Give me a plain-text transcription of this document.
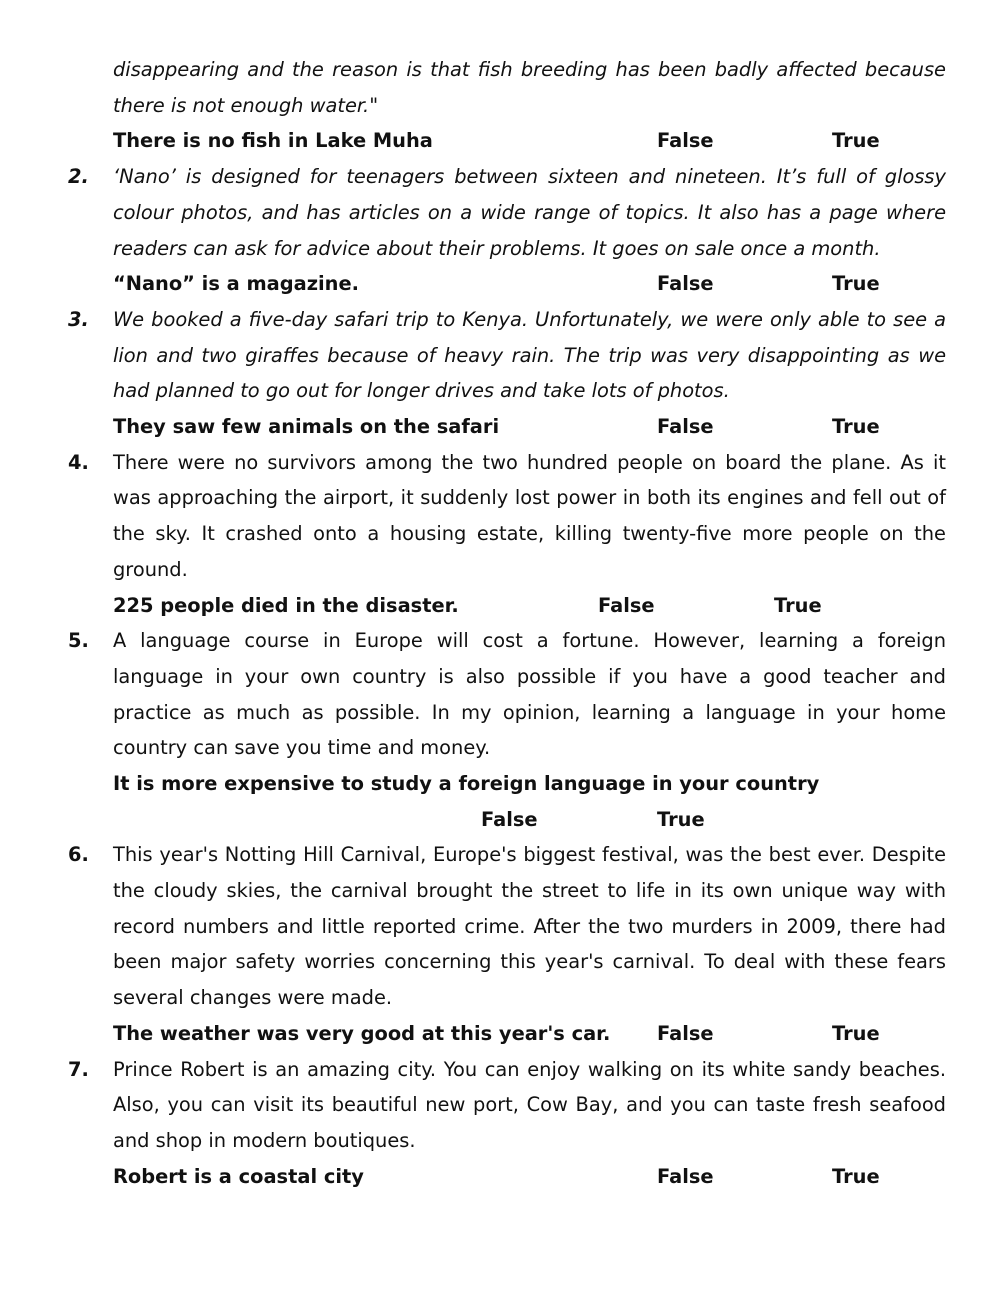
disappearing and the reason is that fish breeding has been badly affected because there is not enough water."
There is no fish in Lake Muha	False	True
2. ‘Nano’ is designed for teenagers between sixteen and nineteen. It’s full of glossy colour photos, and has articles on a wide range of topics. It also has a page where readers can ask for advice about their problems. It goes on sale once a month.
“Nano” is a magazine.	False	True
3. We booked a five-day safari trip to Kenya. Unfortunately, we were only able to see a lion and two giraffes because of heavy rain. The trip was very disappointing as we had planned to go out for longer drives and take lots of photos.
They saw few animals on the safari	False	True
4. There were no survivors among the two hundred people on board the plane. As it was approaching the airport, it suddenly lost power in both its engines and fell out of the sky. It crashed onto a housing estate, killing twenty-five more people on the ground.
225 people died in the disaster.	False	True
5. A language course in Europe will cost a fortune. However, learning a foreign language in your own country is also possible if you have a good teacher and practice as much as possible. In my opinion, learning a language in your home country can save you time and money.
It is more expensive to study a foreign language in your country
False	True
6. This year's Notting Hill Carnival, Europe's biggest festival, was the best ever. Despite the cloudy skies, the carnival brought the street to life in its own unique way with record numbers and little reported crime. After the two murders in 2009, there had been major safety worries concerning this year's carnival. To deal with these fears several changes were made.
The weather was very good at this year's car. False	True
7. Prince Robert is an amazing city. You can enjoy walking on its white sandy beaches. Also, you can visit its beautiful new port, Cow Bay, and you can taste fresh seafood and shop in modern boutiques.
Robert is a coastal city	False	True
